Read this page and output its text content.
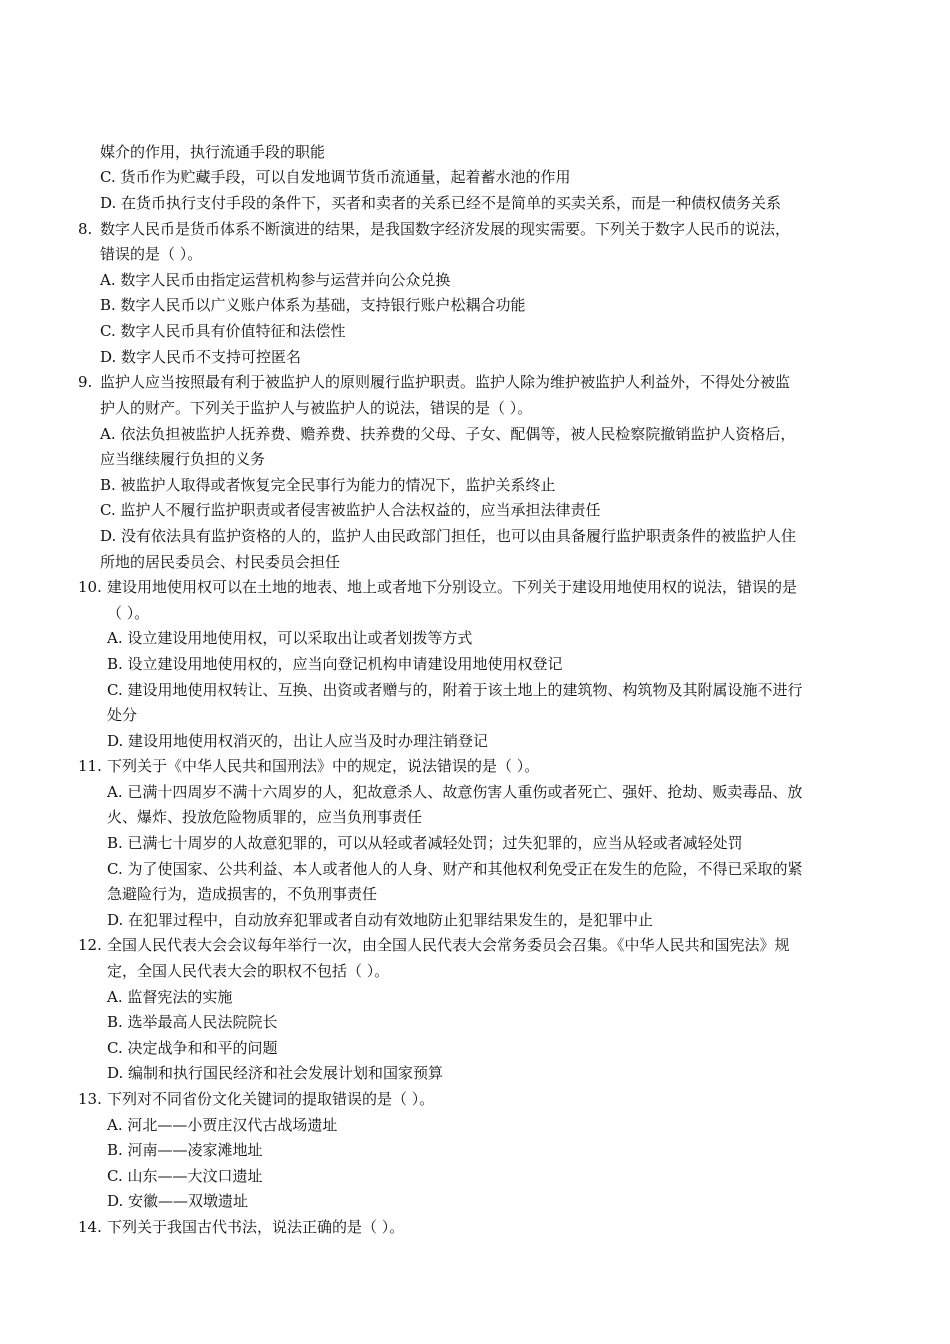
媒介的作用，执行流通手段的职能
C. 货币作为贮藏手段，可以自发地调节货币流通量，起着蓄水池的作用
D. 在货币执行支付手段的条件下，买者和卖者的关系已经不是简单的买卖关系，而是一种债权债务关系
数字人民币是货币体系不断演进的结果，是我国数字经济发展的现实需要。下列关于数字人民币的说法，
8.
错误的是（ ）。
A. 数字人民币由指定运营机构参与运营并向公众兑换
B. 数字人民币以广义账户体系为基础，支持银行账户松耦合功能
C. 数字人民币具有价值特征和法偿性
D. 数字人民币不支持可控匿名
监护人应当按照最有利于被监护人的原则履行监护职责。监护人除为维护被监护人利益外，不得处分被监
9.
护人的财产。下列关于监护人与被监护人的说法，错误的是（ ）。
A. 依法负担被监护人抚养费、赡养费、扶养费的父母、子女、配偶等，被人民检察院撤销监护人资格后，
应当继续履行负担的义务
B. 被监护人取得或者恢复完全民事行为能力的情况下，监护关系终止
C. 监护人不履行监护职责或者侵害被监护人合法权益的，应当承担法律责任
D. 没有依法具有监护资格的人的，监护人由民政部门担任，也可以由具备履行监护职责条件的被监护人住
所地的居民委员会、村民委员会担任
建设用地使用权可以在土地的地表、地上或者地下分别设立。下列关于建设用地使用权的说法，错误的是
10.
（ ）。
A. 设立建设用地使用权，可以采取出让或者划拨等方式
B. 设立建设用地使用权的，应当向登记机构申请建设用地使用权登记
C. 建设用地使用权转让、互换、出资或者赠与的，附着于该土地上的建筑物、构筑物及其附属设施不进行
处分
D. 建设用地使用权消灭的，出让人应当及时办理注销登记
下列关于《中华人民共和国刑法》中的规定，说法错误的是（ ）。
11.
A. 已满十四周岁不满十六周岁的人，犯故意杀人、故意伤害人重伤或者死亡、强奸、抢劫、贩卖毒品、放
火、爆炸、投放危险物质罪的，应当负刑事责任
B. 已满七十周岁的人故意犯罪的，可以从轻或者减轻处罚；过失犯罪的，应当从轻或者减轻处罚
C. 为了使国家、公共利益、本人或者他人的人身、财产和其他权利免受正在发生的危险，不得已采取的紧
急避险行为，造成损害的，不负刑事责任
D. 在犯罪过程中，自动放弃犯罪或者自动有效地防止犯罪结果发生的，是犯罪中止
全国人民代表大会会议每年举行一次，由全国人民代表大会常务委员会召集。《中华人民共和国宪法》规
12.
定，全国人民代表大会的职权不包括（ ）。
A. 监督宪法的实施
B. 选举最高人民法院院长
C. 决定战争和和平的问题
D. 编制和执行国民经济和社会发展计划和国家预算
下列对不同省份文化关键词的提取错误的是（ ）。
13.
A. 河北——小贾庄汉代古战场遗址
B. 河南——凌家滩地址
C. 山东——大汶口遗址
D. 安徽——双墩遗址
下列关于我国古代书法，说法正确的是（ ）。
14.
